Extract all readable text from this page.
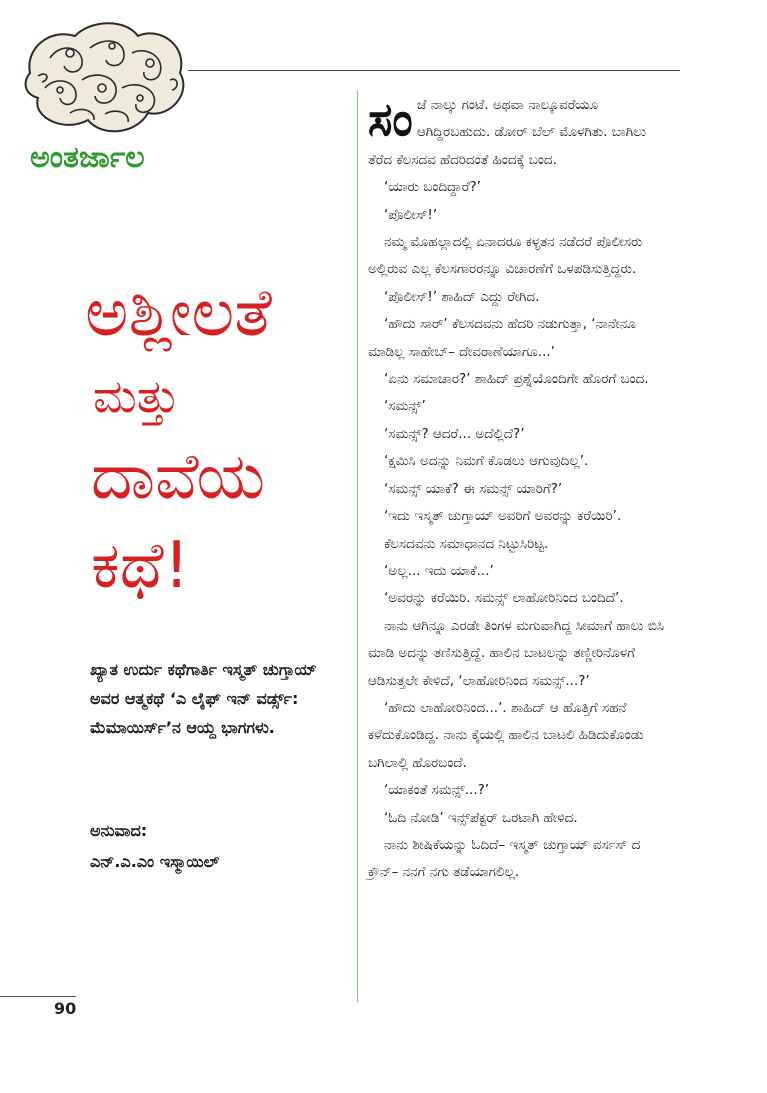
ಅಂತರ್ಜಾಲ
ಅಶ್ಲೀಲತೆ
ಮತ್ತು
ದಾವೆಯ
ಕಥೆ!

ಖ್ಯಾತ ಉರ್ದು ಕಥೆಗಾರ್ತಿ ಇಸ್ಮತ್ ಚುಗ್ತಾಯ್ ಅವರ ಆತ್ಮಕಥೆ ‘ಎ ಲೈಫ್ ಇನ್ ವರ್ಡ್ಸ್: ಮೆಮಾಯಿರ್ಸ್’ನ ಆಯ್ದ ಭಾಗಗಳು.

ಅನುವಾದ:
ಎನ್.ಎ.ಎಂ ಇಸ್ಮಾಯಿಲ್
ಸಂ ಜೆ ನಾಲ್ಕು ಗಂಟೆ. ಅಥವಾ ನಾಲ್ಕೂವರೆಯೂ ಆಗಿದ್ದಿರಬಹುದು. ಡೋರ್ ಬೆಲ್ ಮೊಳಗಿತು. ಬಾಗಿಲು ತೆರೆದ ಕೆಲಸದವ ಹೆದರಿದಂತೆ ಹಿಂದಕ್ಕೆ ಬಂದ.

‘ಯಾರು ಬಂದಿದ್ದಾರೆ?’

‘ಪೊಲೀಸ್!’

ನಮ್ಮ ಮೊಹಲ್ಲಾದಲ್ಲಿ ಏನಾದರೂ ಕಳ್ಳತನ ನಡೆದರೆ ಪೊಲೀಸರು ಅಲ್ಲಿರುವ ಎಲ್ಲ ಕೆಲಸಗಾರರನ್ನೂ ವಿಚಾರಣೆಗೆ ಒಳಪಡಿಸುತ್ತಿದ್ದರು.

‘ಪೊಲೀಸ್!’ ಶಾಹಿದ್ ಎದ್ದು ರೇಗಿದ.

‘ಹೌದು ಸಾರ್’ ಕೆಲಸದವನು ಹೆದರಿ ನಡುಗುತ್ತಾ, ‘ನಾನೇನೂ ಮಾಡಿಲ್ಲ ಸಾಹೇಬ್– ದೇವರಾಣೆಯಾಗೂ...’

‘ಏನು ಸಮಾಚಾರ?’ ಶಾಹಿದ್ ಪ್ರಶ್ನೆಯೊಂದಿಗೇ ಹೊರಗೆ ಬಂದ.

‘ಸಮನ್ಸ್’

‘ಸಮನ್ಸ್? ಆದರೆ... ಅದೆಲ್ಲಿದೆ?’

‘ಕ್ಷಮಿಸಿ ಅದನ್ನು ನಿಮಗೆ ಕೊಡಲು ಆಗುವುದಿಲ್ಲ’.

‘ಸಮನ್ಸ್ ಯಾಕೆ? ಈ ಸಮನ್ಸ್ ಯಾರಿಗೆ?’

‘ಇದು ಇಸ್ಮತ್ ಚುಗ್ತಾಯ್ ಅವರಿಗೆ ಅವರನ್ನು ಕರೆಯಿರಿ’.

ಕೆಲಸದವನು ಸಮಾಧಾನದ ನಿಟ್ಟುಸಿರಿಟ್ಟ.

‘ಅಲ್ಲ... ಇದು ಯಾಕೆ...’

‘ಅವರನ್ನು ಕರೆಯಿರಿ. ಸಮನ್ಸ್ ಲಾಹೋರಿನಿಂದ ಬಂದಿದೆ’.

ನಾನು ಆಗಿನ್ನೂ ಎರಡೇ ತಿಂಗಳ ಮಗುವಾಗಿದ್ದ ಸೀಮಾಗೆ ಹಾಲು ಬಿಸಿ ಮಾಡಿ ಅದನ್ನು ತಣಿಸುತ್ತಿದ್ದೆ. ಹಾಲಿನ ಬಾಟಲನ್ನು ತಣ್ಣೀರಿನೊಳಗೆ ಆಡಿಸುತ್ತಲೇ ಕೇಳಿದೆ, ‘ಲಾಹೋರಿನಿಂದ ಸಮನ್ಸ್...?’

‘ಹೌದು ಲಾಹೋರಿನಿಂದ...’. ಶಾಹಿದ್ ಆ ಹೊತ್ತಿಗೆ ಸಹನೆ ಕಳೆದುಕೊಂಡಿದ್ದ. ನಾನು ಕೈಯಲ್ಲಿ ಹಾಲಿನ ಬಾಟಲಿ ಹಿಡಿದುಕೊಂಡು ಬಗಿಲಾಲ್ಲಿ ಹೊರಬಂದೆ.

‘ಯಾಕಂತೆ ಸಮನ್ಸ್...?’

‘ಓದಿ ನೋಡಿ’ ಇನ್ಸ್‌ಪೆಕ್ಟರ್ ಒರಟಾಗಿ ಹೇಳಿದ.

ನಾನು ಶೀಷಿಕೆಯನ್ನು ಓದಿದೆ– ಇಸ್ಮತ್ ಚುಗ್ತಾಯ್ ವರ್ಸಸ್ ದ ಕ್ರೌನ್– ನನಗೆ ನಗು ತಡೆಯಾಗಲಿಲ್ಲ.

90
